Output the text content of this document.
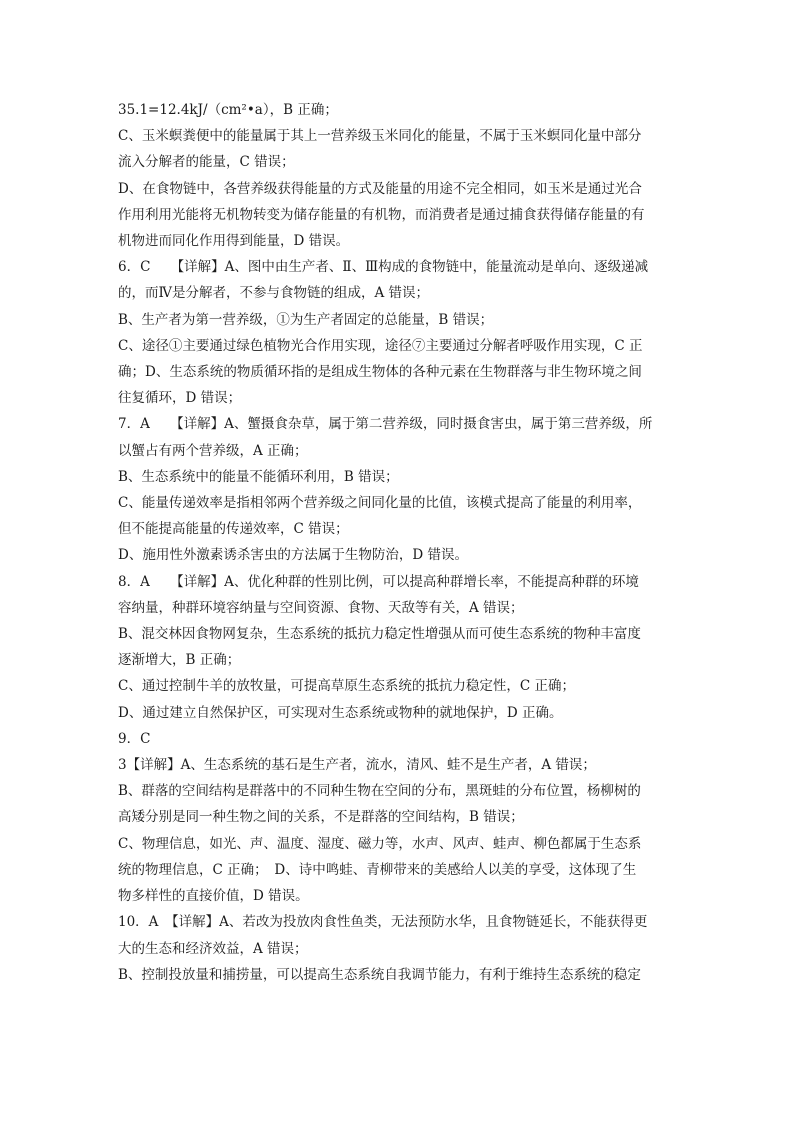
35.1=12.4kJ/（cm²•a），B 正确；
C、玉米螟粪便中的能量属于其上一营养级玉米同化的能量，不属于玉米螟同化量中部分
流入分解者的能量，C 错误；
D、在食物链中，各营养级获得能量的方式及能量的用途不完全相同，如玉米是通过光合
作用利用光能将无机物转变为储存能量的有机物，而消费者是通过捕食获得储存能量的有
机物进而同化作用得到能量，D 错误。
6．C　　【详解】A、图中由生产者、Ⅱ、Ⅲ构成的食物链中，能量流动是单向、逐级递减
的，而Ⅳ是分解者，不参与食物链的组成，A 错误；
B、生产者为第一营养级，①为生产者固定的总能量，B 错误；
C、途径①主要通过绿色植物光合作用实现，途径⑦主要通过分解者呼吸作用实现，C 正
确；D、生态系统的物质循环指的是组成生物体的各种元素在生物群落与非生物环境之间
往复循环，D 错误；
7．A　　【详解】A、蟹摄食杂草，属于第二营养级，同时摄食害虫，属于第三营养级，所
以蟹占有两个营养级，A 正确；
B、生态系统中的能量不能循环利用，B 错误；
C、能量传递效率是指相邻两个营养级之间同化量的比值，该模式提高了能量的利用率，
但不能提高能量的传递效率，C 错误；
D、施用性外激素诱杀害虫的方法属于生物防治，D 错误。
8．A　　【详解】A、优化种群的性别比例，可以提高种群增长率，不能提高种群的环境
容纳量，种群环境容纳量与空间资源、食物、天敌等有关，A 错误；
B、混交林因食物网复杂，生态系统的抵抗力稳定性增强从而可使生态系统的物种丰富度
逐渐增大，B 正确；
C、通过控制牛羊的放牧量，可提高草原生态系统的抵抗力稳定性，C 正确；
D、通过建立自然保护区，可实现对生态系统或物种的就地保护，D 正确。
9．C
3【详解】A、生态系统的基石是生产者，流水，清风、蛙不是生产者，A 错误；
B、群落的空间结构是群落中的不同种生物在空间的分布，黑斑蛙的分布位置，杨柳树的
高矮分别是同一种生物之间的关系，不是群落的空间结构，B 错误；
C、物理信息，如光、声、温度、湿度、磁力等，水声、风声、蛙声、柳色都属于生态系
统的物理信息，C 正确；　D、诗中鸣蛙、青柳带来的美感给人以美的享受，这体现了生
物多样性的直接价值，D 错误。
10．A　【详解】A、若改为投放肉食性鱼类，无法预防水华，且食物链延长，不能获得更
大的生态和经济效益，A 错误；
B、控制投放量和捕捞量，可以提高生态系统自我调节能力，有利于维持生态系统的稳定
